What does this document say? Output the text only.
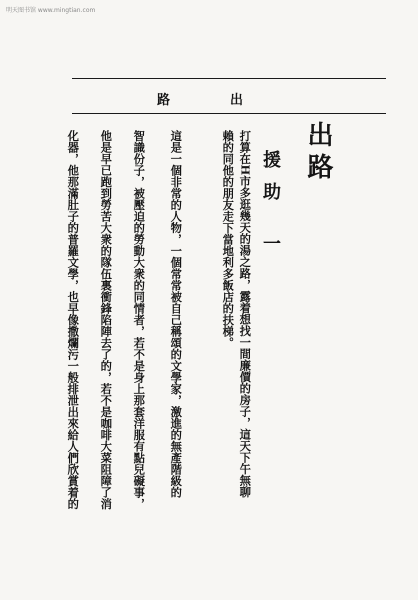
明天图书馆 www.mingtian.com
路	出
出路
援助 一
打算在H市多逛幾天的湯之路，露着想找一間廉價的房子，這天下午無聊
賴的同他的朋友走下當地利多飯店的扶梯。
這是一個非常的人物，一個常常被自己稱頌的文學家，激進的無產階級的
智識份子，被壓迫的勞動大衆的同情者，若不是身上那套洋服有點兒礙事，
他是早已跑到勞苦大衆的隊伍裏衝鋒陷陣去了的，若不是咖啡大菜阻障了消
化器，他那滿肚子的普羅文學，也早像撒爛污一般排泄出來給人們欣賞着的
